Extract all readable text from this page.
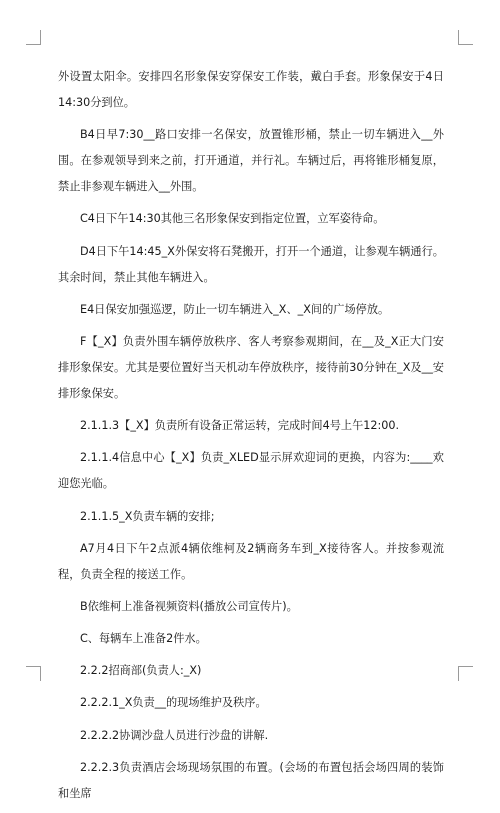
外设置太阳伞。安排四名形象保安穿保安工作装，戴白手套。形象保安于4日14:30分到位。

B4日早7:30__路口安排一名保安，放置锥形桶，禁止一切车辆进入__外围。在参观领导到来之前，打开通道，并行礼。车辆过后，再将锥形桶复原，禁止非参观车辆进入__外围。

C4日下午14:30其他三名形象保安到指定位置，立军姿待命。

D4日下午14:45_X外保安将石凳搬开，打开一个通道，让参观车辆通行。其余时间，禁止其他车辆进入。

E4日保安加强巡逻，防止一切车辆进入_X、_X间的广场停放。

F【_X】负责外围车辆停放秩序、客人考察参观期间，在__及_X正大门安排形象保安。尤其是要位置好当天机动车停放秩序，接待前30分钟在_X及__安排形象保安。

2.1.1.3【_X】负责所有设备正常运转，完成时间4号上午12:00.

2.1.1.4信息中心【_X】负责_XLED显示屏欢迎词的更换，内容为:____欢迎您光临。

2.1.1.5_X负责车辆的安排;

A7月4日下午2点派4辆依维柯及2辆商务车到_X接待客人。并按参观流程，负责全程的接送工作。

B依维柯上准备视频资料(播放公司宣传片)。

C、每辆车上准备2件水。

2.2.2招商部(负责人:_X)

2.2.2.1_X负责__的现场维护及秩序。

2.2.2.2协调沙盘人员进行沙盘的讲解.

2.2.2.3负责酒店会场现场氛围的布置。(会场的布置包括会场四周的装饰和坐席
